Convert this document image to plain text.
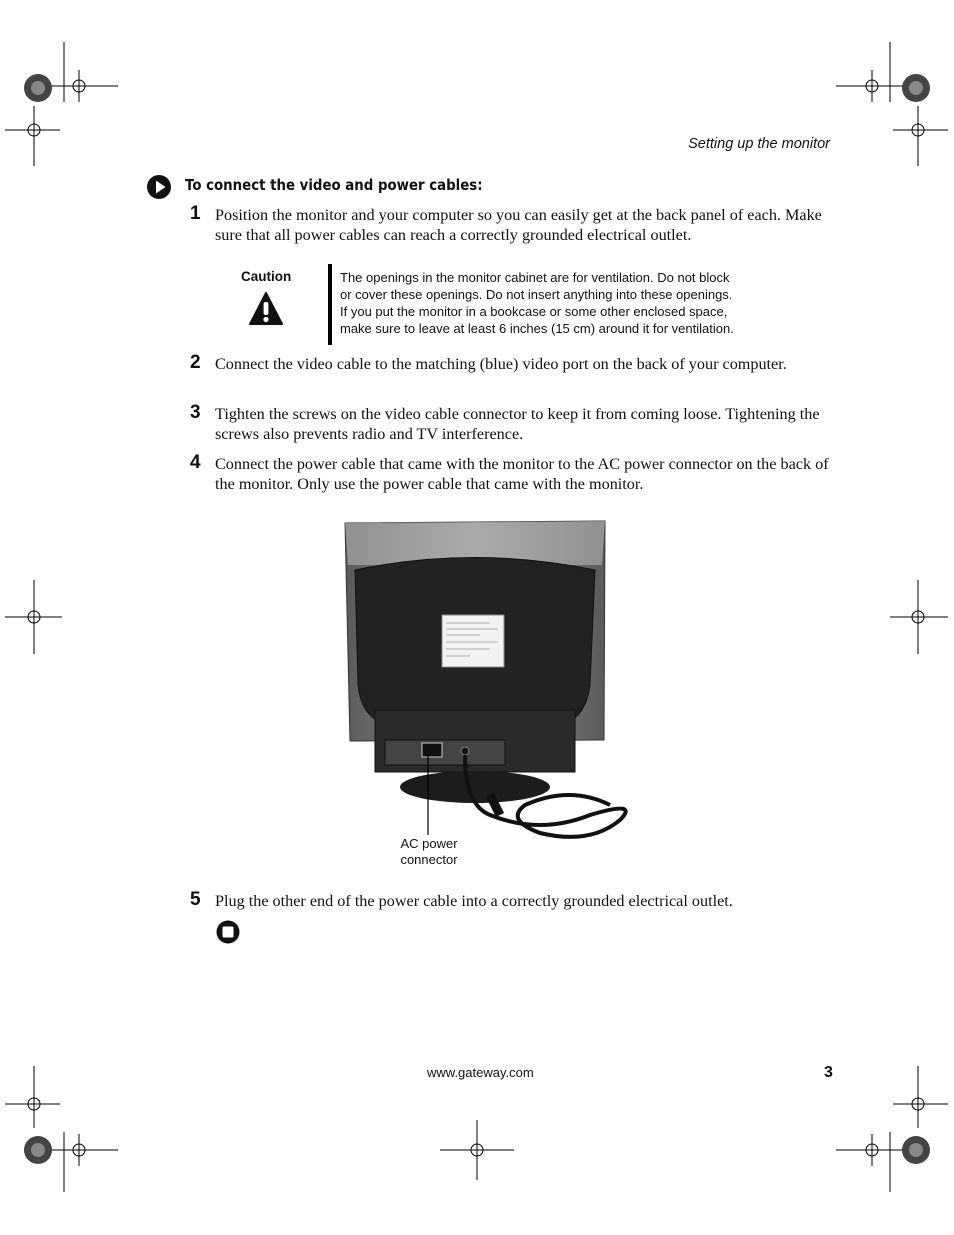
Setting up the monitor
To connect the video and power cables:
1 Position the monitor and your computer so you can easily get at the back panel of each. Make sure that all power cables can reach a correctly grounded electrical outlet.
Caution	The openings in the monitor cabinet are for ventilation. Do not block
or cover these openings. Do not insert anything into these openings.
If you put the monitor in a bookcase or some other enclosed space,
make sure to leave at least 6 inches (15 cm) around it for ventilation.
2 Connect the video cable to the matching (blue) video port on the back of your computer.
3 Tighten the screws on the video cable connector to keep it from coming loose. Tightening the screws also prevents radio and TV interference.
4 Connect the power cable that came with the monitor to the AC power connector on the back of the monitor. Only use the power cable that came with the monitor.
AC power
connector
5 Plug the other end of the power cable into a correctly grounded electrical outlet.
www.gateway.com	3
